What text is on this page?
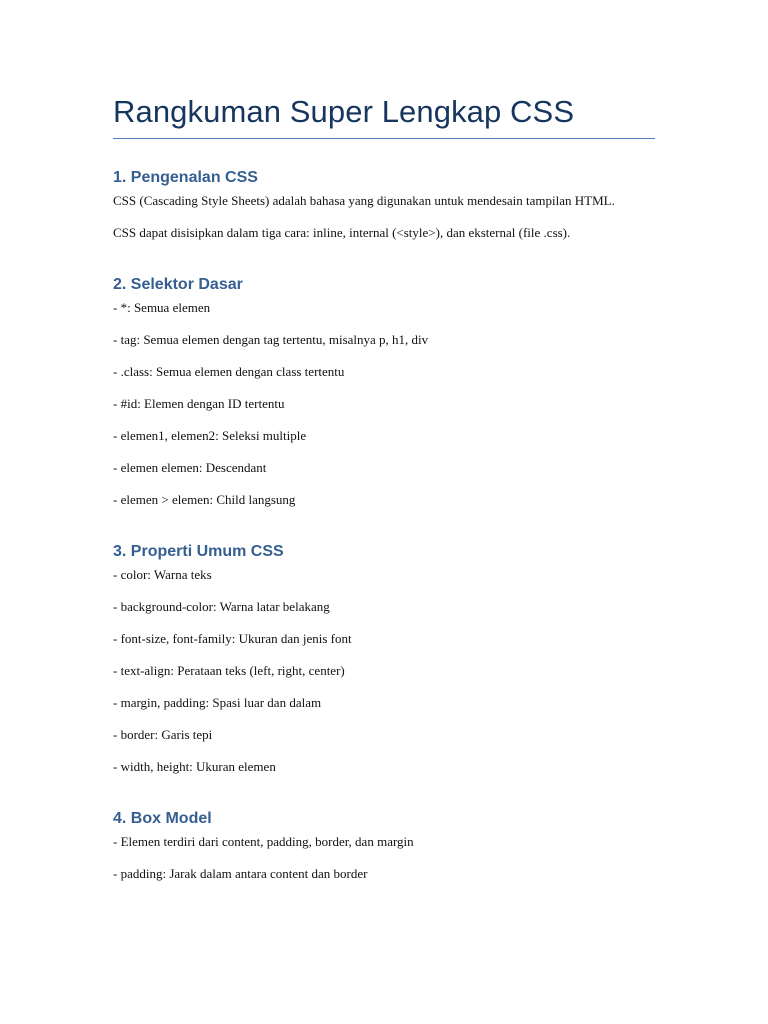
Rangkuman Super Lengkap CSS
1. Pengenalan CSS

CSS (Cascading Style Sheets) adalah bahasa yang digunakan untuk mendesain tampilan HTML.

CSS dapat disisipkan dalam tiga cara: inline, internal (<style>), dan eksternal (file .css).

2. Selektor Dasar

- *: Semua elemen

- tag: Semua elemen dengan tag tertentu, misalnya p, h1, div

- .class: Semua elemen dengan class tertentu

- #id: Elemen dengan ID tertentu

- elemen1, elemen2: Seleksi multiple

- elemen elemen: Descendant

- elemen > elemen: Child langsung

3. Properti Umum CSS

- color: Warna teks

- background-color: Warna latar belakang

- font-size, font-family: Ukuran dan jenis font

- text-align: Perataan teks (left, right, center)

- margin, padding: Spasi luar dan dalam

- border: Garis tepi

- width, height: Ukuran elemen

4. Box Model

- Elemen terdiri dari content, padding, border, dan margin

- padding: Jarak dalam antara content dan border
